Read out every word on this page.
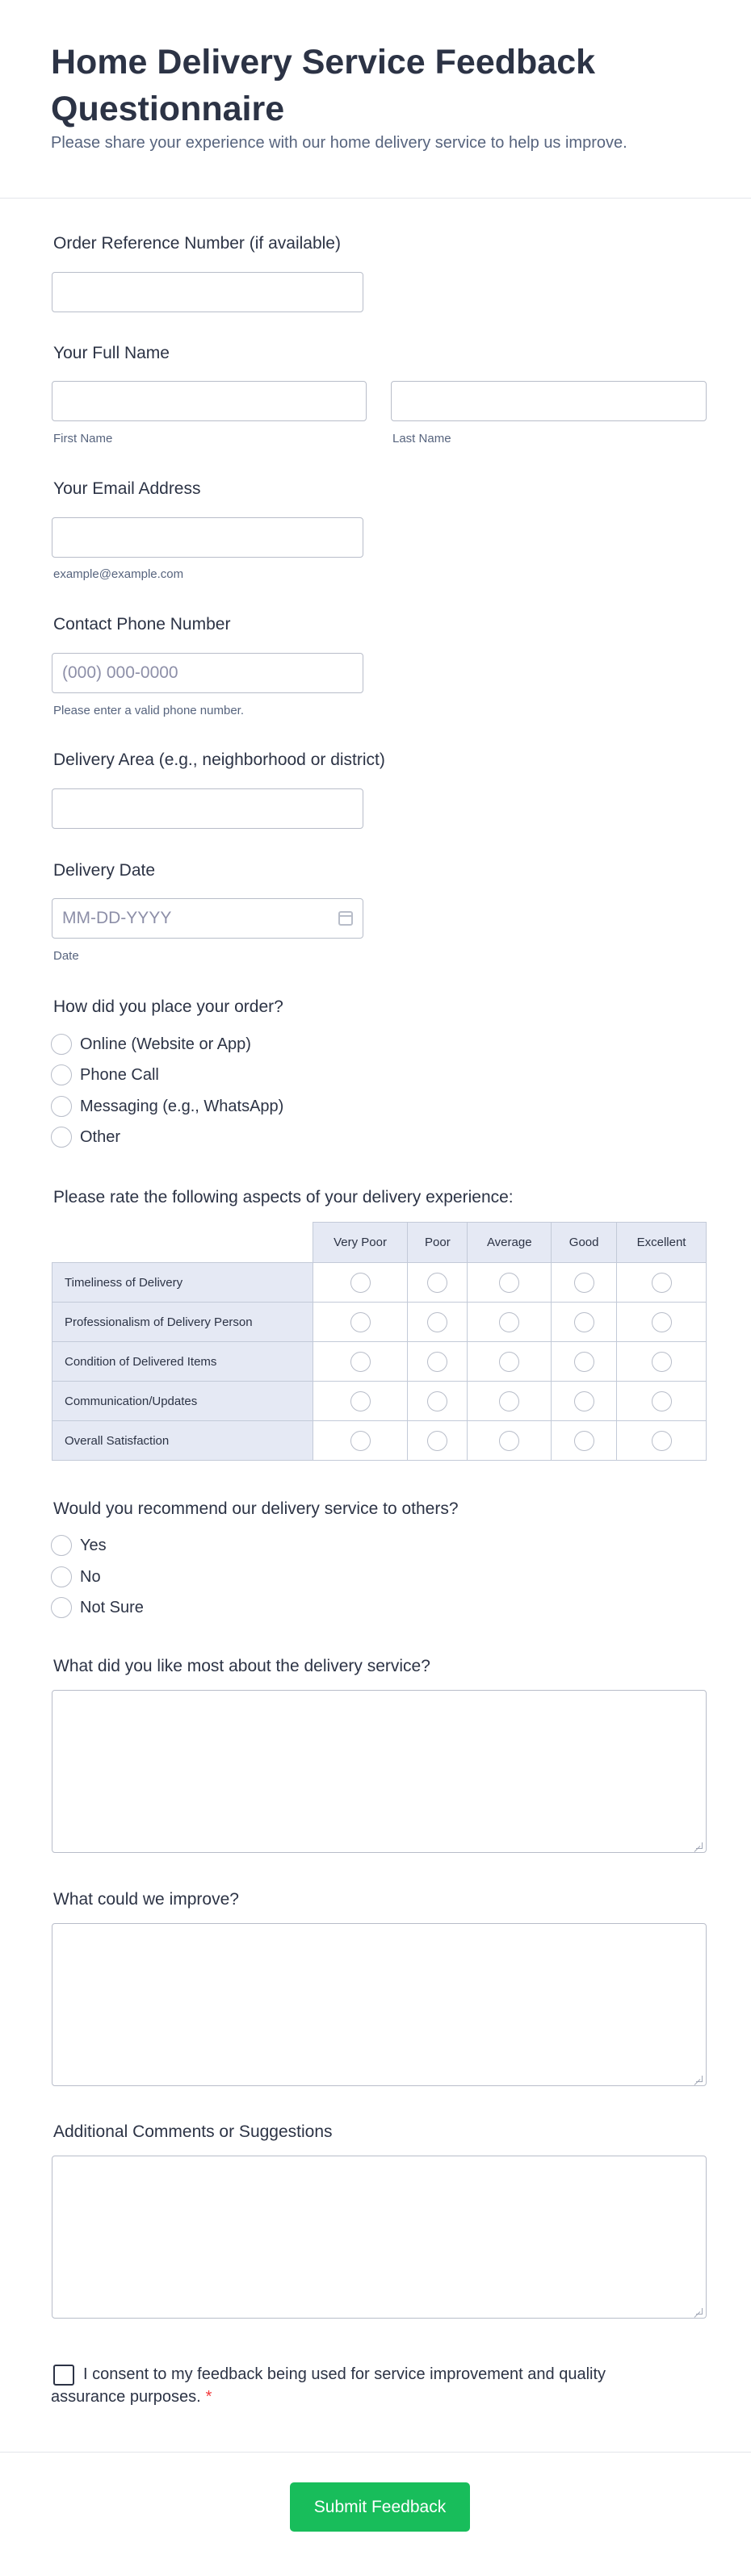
Home Delivery Service Feedback Questionnaire
Please share your experience with our home delivery service to help us improve.
Order Reference Number (if available)
Your Full Name
First Name	Last Name
Your Email Address
example@example.com
Contact Phone Number
(000) 000-0000
Please enter a valid phone number.
Delivery Area (e.g., neighborhood or district)
Delivery Date
MM-DD-YYYY
Date
How did you place your order?
Online (Website or App)
Phone Call
Messaging (e.g., WhatsApp)
Other
Please rate the following aspects of your delivery experience:
	Very Poor	Poor	Average	Good	Excellent
Timeliness of Delivery					
Professionalism of Delivery Person					
Condition of Delivered Items					
Communication/Updates					
Overall Satisfaction					
Would you recommend our delivery service to others?
Yes
No
Not Sure
What did you like most about the delivery service?
What could we improve?
Additional Comments or Suggestions
I consent to my feedback being used for service improvement and quality assurance purposes. *
Submit Feedback
